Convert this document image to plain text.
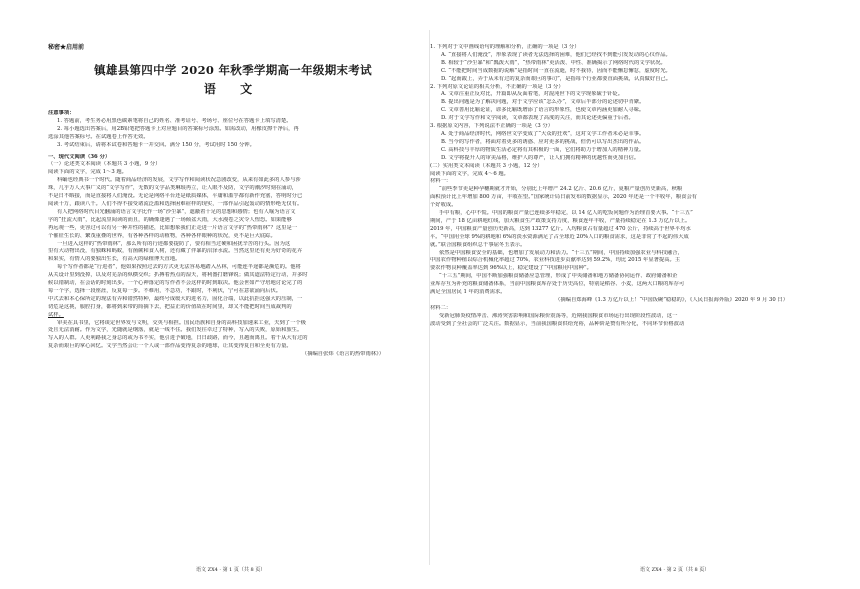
秘密★启用前
镇雄县第四中学 2020 年秋季学期高一年级期末考试
语 文

注意事项：

1. 答题前，考生务必用黑色碳素笔将自己的姓名、准考证号、考场号、座位号在答题卡上填写清楚。

2. 每小题选出答案后，用2B铅笔把答题卡上对应题目的答案标号涂黑。如需改动，用橡皮擦干净后，再

选涂其他答案标号。在试题卷上作答无效。

3. 考试结束后，请将本试卷和答题卡一并交回。满分 150 分，考试用时 150 分钟。

一、现代文阅读（36 分）

（一）论述类文本阅读（本题共 3 小题，9 分）

阅读下面的文字，完成 1～3 题。

科蛹也经典书一个时代。随着商品经济的发展，文学写作和阅读状况急剧改变，从来有如此多的人参与涉

珠，几乎万人大事广义的“文学写作”，无数的文学品类琳琅再立，让人眼不及防，文学的潮汐时刻在涌动，

不是日不暇接，而是直接将人们淹没。无论是网络平台还是纸质媒体，平庸和滥竽都有新作充塞，答明时分已

阅读十万，跟读八千。人们不得不接受诸流泛滥和选择困难症样的现实，一部作品引起轰动的情形绝无仅有。

有人把网络时代目光翻涌的语言文字比作一场“沙尘暴”，遮蔽着十足的思想和感情；也有人喻为语言文

字的“狂流大雨”，比起流里阅读的而且，的确像逢遇了一场倾盆大雨，大水漫卷之灾令人惶恐。如果能够

再远观一些，更容过可以有另一种并性的描述，比如想象我们正走进一片语言文字的“热带雨林”？这里是一

个催征生长的、繁茂重叠的世界，有各种各样的动植物，各种各样眼种的状况，更不是巨大底踪。

一旦进入这样的“热带雨林”，那么所有的行迹都要提防了，要有相当过硬和困扰辛苦的行头。因为这

里有大动物出没，有独蛛和蚂蚁，有菌蕨和食人树，还有藏了伴暴的沼泽水流。当然这里还有更为好奇的花卉

和果实，有情人的要独出生长，有高大的绿植博天直地。

每个写作者都是“行进者”，他如果按照过去的方式更无法容易地踏入丛林，可能连半途都是濒危的。他将

从关设计里到没掉，以及对芜杂的纵横交织；扒搏着热点的湿天，将利器打磨锋锐；做其道法特定行动，并多时

候以错制动，在会话的时刻出步。一个心神落定的写作者不会这样的时到取决。他会世如严守培地讨论完了的

每一个字，选择一段座涯，反复每一步。不难用，不急功，不跟时，不利伏，宁可在意欲涌向后伏。

中式去和本心保所定的现法有弄和错然特种，最终号成缓大的进名力，固化合端，以此抗拒这强大的压制，一

切危是这挑，服腔打身，都将到来带的简摘下去，把益正的价值故在时间里，却又不能把时间当成裁判的

试样。

审美在具书里，它将谈定世界发与文明，交英与相担。国民语族和自身的高科技加速来工业，夫到了一个极

处且无法消耐。作为文学，光随就是纲落，就是一线不住。我们发往卓过了特种，写入的失败，原始和旅生。

写入的人群。人更利路我之身总的或为书不实，他引进予破地，日日歧路，而今，且越而离且。着千从大有过的

复杂而艰巨的掌心回忆。文学当然会让一个人或一部作品变得复杂的地球，让其变得复自和全更有力量。

（摘编自张炜《语言的热带雨林》）

语文 ZX4 · 第 1 页（共 8 页）

1. 下列对于文中画线语句的理解和分析，正确的一项是（3 分）

A. “直接将人们淹没”，形象表现了读者无法选择的困难，他们已经找不到能引发发动的心仪作品。

B. 相较于“沙尘暴”和“瓢泼大雨”，“热带雨林”更活泼、中性、准确揭示了网络时代的文学状况。

C. “不能把时间当成数据的说解”是指时间一直在流逝，时不我待，因而不能懈怠懈怠，虚度时光。

D. “起而跋上，弄于从未有过的复杂而艰巨的事司”，是指每个行业都要直面挑战，认真做好自己。

2. 下列对原文论证的相关分析，不正确的一项是（3 分）

A. 文章注重正反对比，开篇即从反面着笔，对混沌世下的文学现象硫于针砭。

B. 提出问题是为了解决问题，对于文学应该“怎么办”，文章后半部分的论述切中肯綮。

C. 文章善用比喻论证，谚多比喻既增添了语言的形象性，也使文章内涵更加耐人寻味。

D. 对于文学写作和文学阅读，文章都表现了高度的关注，而其论述更偏重于后者。

3. 根据原文内容，下列说法不正确的一项是（3 分）

A. 处于商品经济时代，网络世文学变成了“大众的狂欢”，这对文学工作者未必是幸事。

B. 当今的写作者，将面对着更多的诱惑、应对更多的挑战，但仍可以写出杰出的作品。

C. 高科技与丰厚的物质生活必定将有其积极的一面，它们将助力于增加人的精神力量。

D. 文学将提升人的审美品格，维护人的尊严，让人们拥有精神的优越性而更加自信。

(二）实用类文本阅读（本题共 3 小题，12 分）

阅读下面的文字，完成 4～6 题。

材料一：

“前些季节更是种孕穗期就才开始，分别比上年增产 24.2 亿斤、20.6 亿斤，夏粮产量创历史新高，秋粮

面积预计比上年增加 800 万亩，丰收在望。”国家统计局日前发布的数据显示，2020 年还是一个丰收年，粮食会有

个好收成。

手中有粮，心中不慌。中国的粮食产量已连续多年稳定，以 14 亿人的吃饭问题作为治理首要大事。“十三五”

期间，产于 18 亿亩耕地红线，加大粮食生产政策支持力度，粮食连年丰收，产量持续稳定在 1.3 万亿斤以上。

2019 年，中国粮食产量创历史新高，达到 13277 亿斤。人均粮食占有量超过 470 公斤，持续高于世界平均水

平。“中国用全球 9%的耕地和 6%的淡水资源满足了占全球近 20%人口的粮食需求，这是非常了不起的伟大成

就。”联合国粮食组织总干事屈冬玉表示。

依然是中国粮食安全的基础，也增加了发展动力和活力。“十三五”期间，中国持续加强农业与科技融合，

中国农作物种植以综合机械化率超过 70%，农业科技进步贡献率达到 59.2%，均比 2015 年显著提高。主

要农作物良种覆盖率达到 96%以上，稳定建设了“中国粮用中国种”。

“十三五”期间，中国不断加强粮食储备应急管理，形成了中央储备和地方储备协同运作、政府储备和企

业库存互为补充的粮食储备体系，当前中国粮食库存处于历史高位，特别是稻谷、小麦，这两大口粮的库存可

满足全国居民 1 年的消费需求。

（摘编自郑海峰《1.3 万亿斤以上！“中国饭碗”稳稳的》，《人民日报海外版》2020 年 9 月 30 日）

材料二：

受新冠肺炎疫情冲击、沸涛突害影响和国际粮价震荡等，近期我国粮食市场运行出现阶段性波动，这一

波动受到了全社会的广泛关注。数据显示，当前我国粮食供给充裕，品种阶是赞有所分化，不同环节价格波动

语文 ZX4 · 第 2 页（共 8 页）
